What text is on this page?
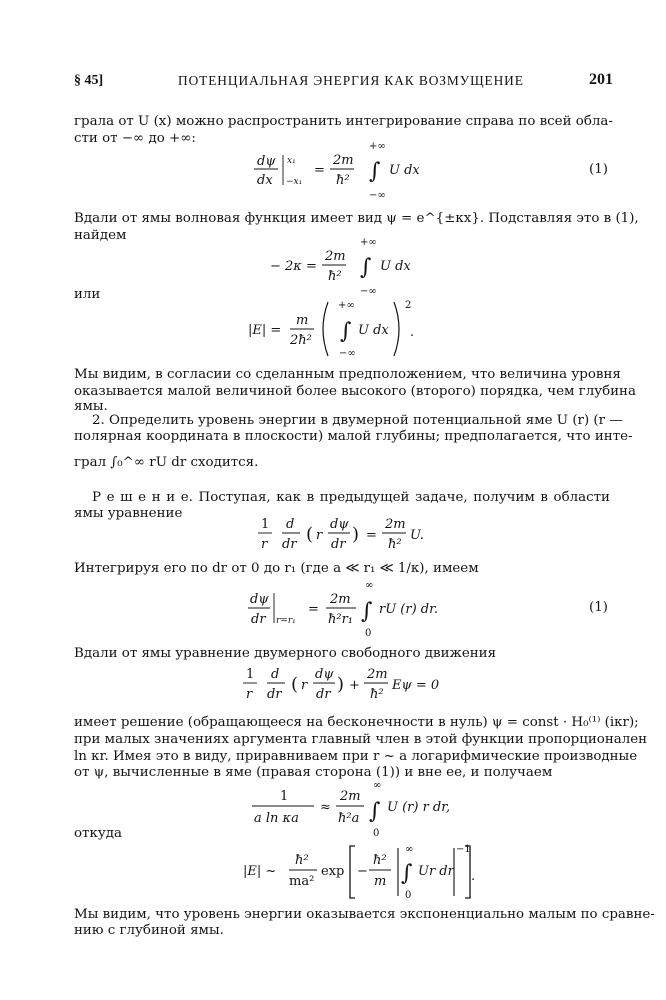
§ 45]	ПОТЕНЦИАЛЬНАЯ ЭНЕРГИЯ КАК ВОЗМУЩЕНИЕ	201
грала от U (x) можно распространить интегрирование справа по всей обла-
сти от −∞ до +∞:
dψ
dx
x₁
−x₁
=
2m
ħ²
+∞
∫
−∞
U dx	(1)
Вдали от ямы волновая функция имеет вид ψ = e^{±κx}. Подставляя это в (1),
найдем
− 2κ =
2m
ħ²
+∞
∫
−∞
U dx
или
|E| =
m
2ħ²
+∞
∫
−∞
U dx
2
.
Мы видим, в согласии со сделанным предположением, что величина уровня
оказывается малой величиной более высокого (второго) порядка, чем глубина
ямы.
2. Определить уровень энергии в двумерной потенциальной яме U (r) (r —
полярная координата в плоскости) малой глубины; предполагается, что инте-
грал ∫₀^∞ rU dr сходится.
Р е ш е н и е. Поступая, как в предыдущей задаче, получим в области
ямы уравнение
1
r
d
dr ( r
dψ
dr ) =
2m
ħ²
U.
Интегрируя его по dr от 0 до r₁ (где a ≪ r₁ ≪ 1/κ), имеем
dψ
dr r=r₁
=
2m
ħ²r₁
∞
∫
0
rU (r) dr.	(1)
Вдали от ямы уравнение двумерного свободного движения
1
r
d
dr ( r
dψ
dr ) +
2m
ħ²
Eψ = 0
имеет решение (обращающееся на бесконечности в нуль) ψ = const · H₀⁽¹⁾ (iκr);
при малых значениях аргумента главный член в этой функции пропорционален
ln κr. Имея это в виду, приравниваем при r ~ a логарифмические производные
от ψ, вычисленные в яме (правая сторона (1)) и вне ее, и получаем
1
a ln κa
≈
2m
ħ²a
∞
∫
0
U (r) r dr,
откуда
|E| ~
ħ²
ma²
exp −
ħ²
m
∞
∫
0
Ur dr
−1
.
Мы видим, что уровень энергии оказывается экспоненциально малым по сравне-
нию с глубиной ямы.
